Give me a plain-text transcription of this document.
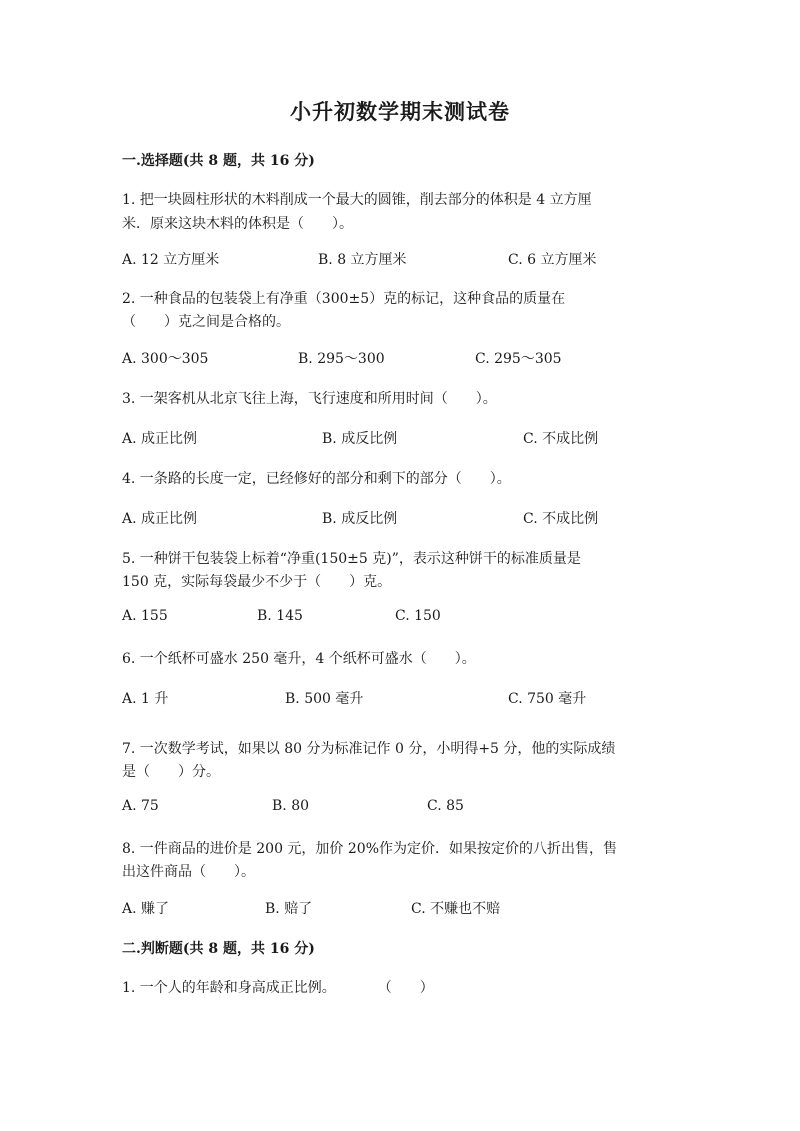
小升初数学期末测试卷
一.选择题(共 8 题，共 16 分)
1. 把一块圆柱形状的木料削成一个最大的圆锥，削去部分的体积是 4 立方厘
米．原来这块木料的体积是（　　）。
A. 12 立方厘米	B. 8 立方厘米	C. 6 立方厘米
2. 一种食品的包装袋上有净重（300±5）克的标记，这种食品的质量在
（　　）克之间是合格的。
A. 300～305	B. 295～300	C. 295～305
3. 一架客机从北京飞往上海，飞行速度和所用时间（　　）。
A. 成正比例	B. 成反比例	C. 不成比例
4. 一条路的长度一定，已经修好的部分和剩下的部分（　　）。
A. 成正比例	B. 成反比例	C. 不成比例
5. 一种饼干包装袋上标着“净重(150±5 克)”，表示这种饼干的标准质量是
150 克，实际每袋最少不少于（　　）克。
A. 155	B. 145	C. 150
6. 一个纸杯可盛水 250 毫升，4 个纸杯可盛水（　　）。
A. 1 升	B. 500 毫升	C. 750 毫升
7. 一次数学考试，如果以 80 分为标准记作 0 分，小明得+5 分，他的实际成绩
是（　　）分。
A. 75	B. 80	C. 85
8. 一件商品的进价是 200 元，加价 20%作为定价．如果按定价的八折出售，售
出这件商品（　　）。
A. 赚了	B. 赔了	C. 不赚也不赔
二.判断题(共 8 题，共 16 分)
1. 一个人的年龄和身高成正比例。　　　　（　　）
